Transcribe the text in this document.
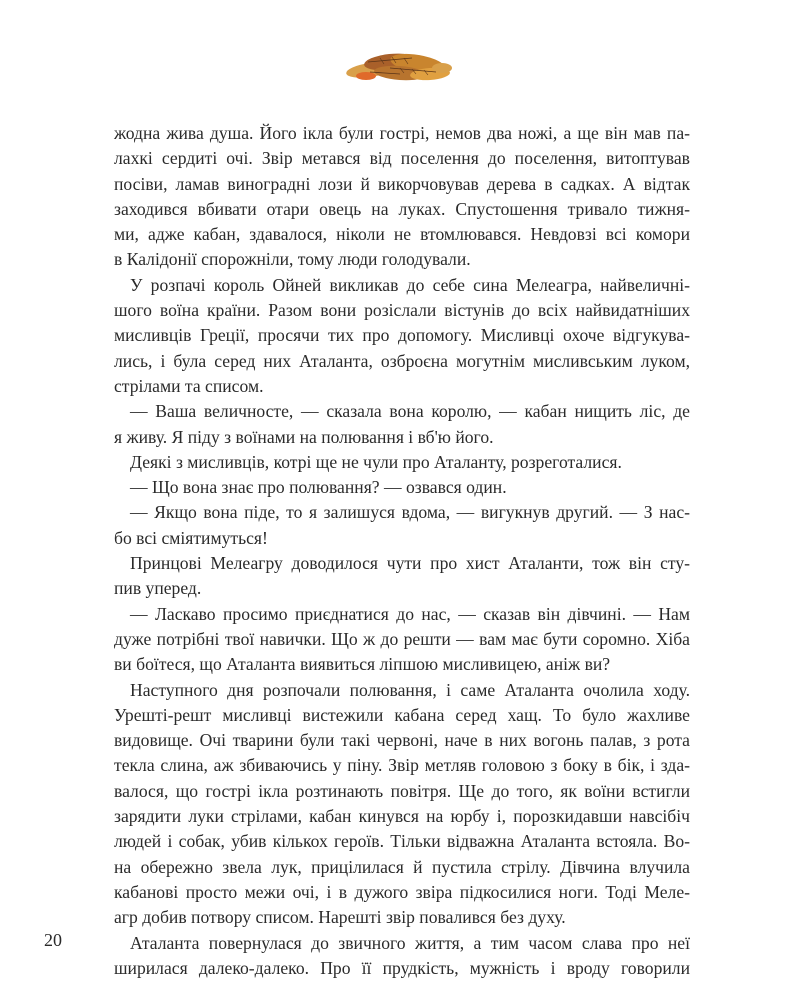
жодна жива душа. Його ікла були гострі, немов два ножі, а ще він мав па-
лахкі сердиті очі. Звір метався від поселення до поселення, витоптував
посіви, ламав виноградні лози й викорчовував дерева в садках. А відтак
заходився вбивати отари овець на луках. Спустошення тривало тижня-
ми, адже кабан, здавалося, ніколи не втомлювався. Невдовзі всі комори
в Калідонії спорожніли, тому люди голодували.
У розпачі король Ойней викликав до себе сина Мелеагра, найвеличні-
шого воїна країни. Разом вони розіслали вістунів до всіх найвидатніших
мисливців Греції, просячи тих про допомогу. Мисливці охоче відгукува-
лись, і була серед них Аталанта, озброєна могутнім мисливським луком,
стрілами та списом.
— Ваша величносте, — сказала вона королю, — кабан нищить ліс, де
я живу. Я піду з воїнами на полювання і вб'ю його.
Деякі з мисливців, котрі ще не чули про Аталанту, розреготалися.
— Що вона знає про полювання? — озвався один.
— Якщо вона піде, то я залишуся вдома, — вигукнув другий. — З нас-
бо всі сміятимуться!
Принцові Мелеагру доводилося чути про хист Аталанти, тож він сту-
пив уперед.
— Ласкаво просимо приєднатися до нас, — сказав він дівчині. — Нам
дуже потрібні твої навички. Що ж до решти — вам має бути соромно. Хіба
ви боїтеся, що Аталанта виявиться ліпшою мисливицею, аніж ви?
Наступного дня розпочали полювання, і саме Аталанта очолила ходу.
Урешті-решт мисливці вистежили кабана серед хащ. То було жахливе
видовище. Очі тварини були такі червоні, наче в них вогонь палав, з рота
текла слина, аж збиваючись у піну. Звір метляв головою з боку в бік, і зда-
валося, що гострі ікла розтинають повітря. Ще до того, як воїни встигли
зарядити луки стрілами, кабан кинувся на юрбу і, порозкидавши навсібіч
людей і собак, убив кількох героїв. Тільки відважна Аталанта встояла. Во-
на обережно звела лук, прицілилася й пустила стрілу. Дівчина влучила
кабанові просто межи очі, і в дужого звіра підкосилися ноги. Тоді Меле-
агр добив потвору списом. Нарешті звір повалився без духу.
Аталанта повернулася до звичного життя, а тим часом слава про неї
ширилася далеко-далеко. Про її прудкість, мужність і вроду говорили
20
